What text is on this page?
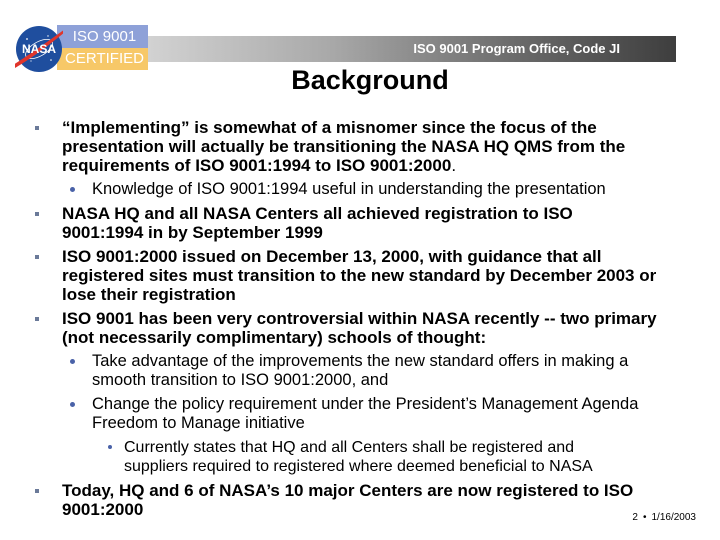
NASA
ISO 9001
CERTIFIED
ISO 9001 Program Office, Code JI
Background
“Implementing” is somewhat of a misnomer since the focus of the
presentation will actually be transitioning the NASA HQ QMS from the
requirements of ISO 9001:1994 to ISO 9001:2000.
Knowledge of ISO 9001:1994 useful in understanding the presentation
NASA HQ and all NASA Centers all achieved registration to ISO
9001:1994 in by September 1999
ISO 9001:2000 issued on December 13, 2000, with guidance that all
registered sites must transition to the new standard by December 2003 or
lose their registration
ISO 9001 has been very controversial within NASA recently -- two primary
(not necessarily complimentary) schools of thought:
Take advantage of the improvements the new standard offers in making a
smooth transition to ISO 9001:2000, and
Change the policy requirement under the President’s Management Agenda
Freedom to Manage initiative
Currently states that HQ and all Centers shall be registered and
suppliers required to registered where deemed beneficial to NASA
Today, HQ and 6 of NASA’s 10 major Centers are now registered to ISO
9001:2000	2 • 1/16/2003
